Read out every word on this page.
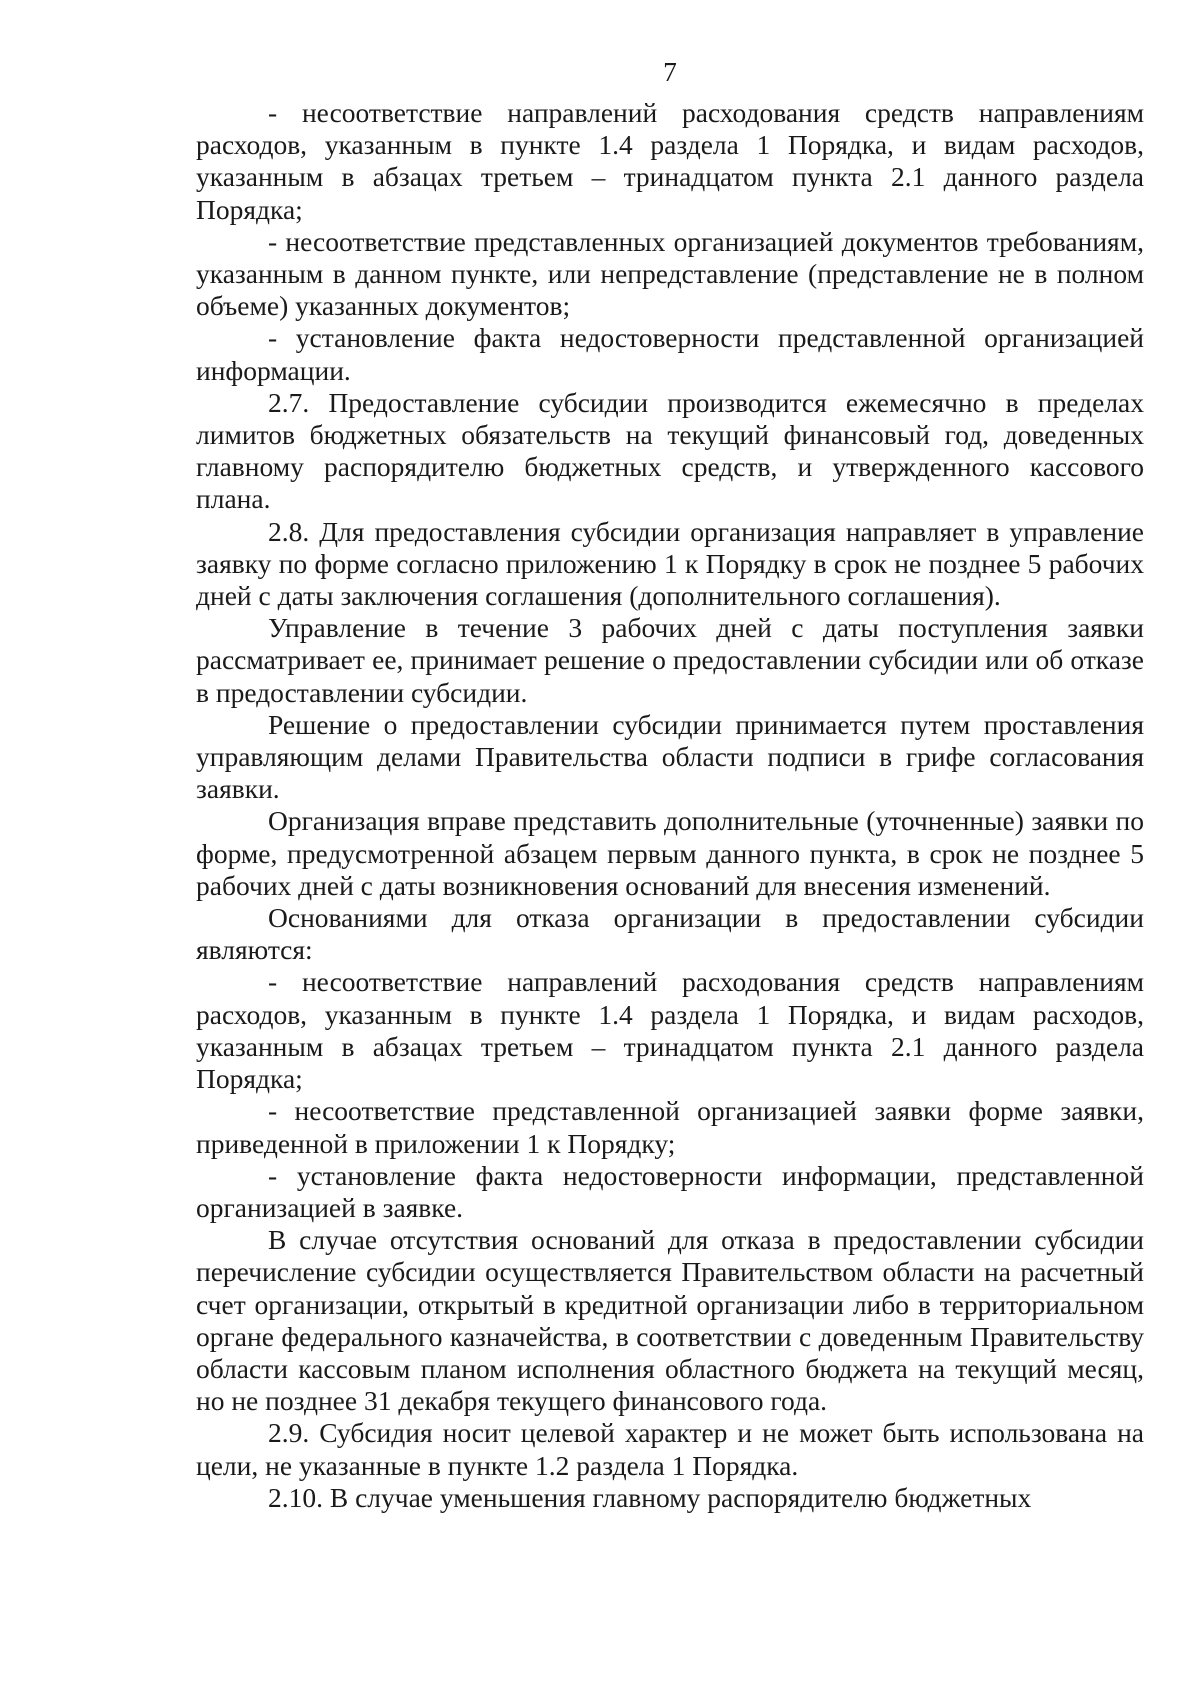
7

- несоответствие направлений расходования средств направлениям расходов, указанным в пункте 1.4 раздела 1 Порядка, и видам расходов, указанным в абзацах третьем – тринадцатом пункта 2.1 данного раздела Порядка;

- несоответствие представленных организацией документов требованиям, указанным в данном пункте, или непредставление (представление не в полном объеме) указанных документов;

- установление факта недостоверности представленной организацией информации.

2.7. Предоставление субсидии производится ежемесячно в пределах лимитов бюджетных обязательств на текущий финансовый год, доведенных главному распорядителю бюджетных средств, и утвержденного кассового плана.

2.8. Для предоставления субсидии организация направляет в управление заявку по форме согласно приложению 1 к Порядку в срок не позднее 5 рабочих дней с даты заключения соглашения (дополнительного соглашения).

Управление в течение 3 рабочих дней с даты поступления заявки рассматривает ее, принимает решение о предоставлении субсидии или об отказе в предоставлении субсидии.

Решение о предоставлении субсидии принимается путем проставления управляющим делами Правительства области подписи в грифе согласования заявки.

Организация вправе представить дополнительные (уточненные) заявки по форме, предусмотренной абзацем первым данного пункта, в срок не позднее 5 рабочих дней с даты возникновения оснований для внесения изменений.

Основаниями для отказа организации в предоставлении субсидии являются:

- несоответствие направлений расходования средств направлениям расходов, указанным в пункте 1.4 раздела 1 Порядка, и видам расходов, указанным в абзацах третьем – тринадцатом пункта 2.1 данного раздела Порядка;

- несоответствие представленной организацией заявки форме заявки, приведенной в приложении 1 к Порядку;

- установление факта недостоверности информации, представленной организацией в заявке.

В случае отсутствия оснований для отказа в предоставлении субсидии перечисление субсидии осуществляется Правительством области на расчетный счет организации, открытый в кредитной организации либо в территориальном органе федерального казначейства, в соответствии с доведенным Правительству области кассовым планом исполнения областного бюджета на текущий месяц, но не позднее 31 декабря текущего финансового года.

2.9. Субсидия носит целевой характер и не может быть использована на цели, не указанные в пункте 1.2 раздела 1 Порядка.

2.10. В случае уменьшения главному распорядителю бюджетных
